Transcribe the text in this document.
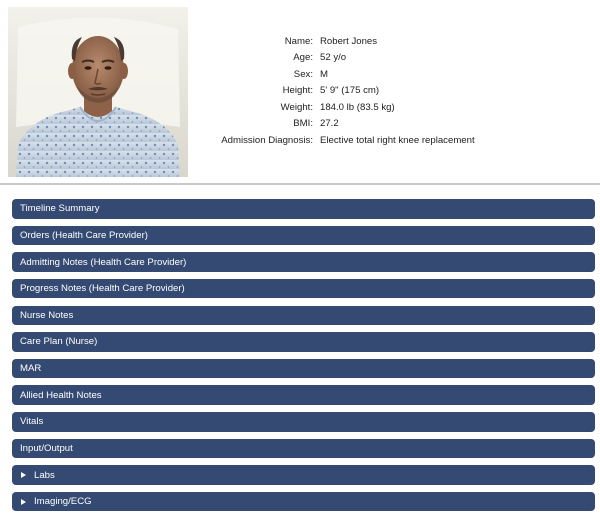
Name: Robert Jones
Age: 52 y/o
Sex: M
Height: 5' 9" (175 cm)
Weight: 184.0 lb (83.5 kg)
BMI: 27.2
Admission Diagnosis: Elective total right knee replacement
Timeline Summary
Orders (Health Care Provider)
Admitting Notes (Health Care Provider)
Progress Notes (Health Care Provider)
Nurse Notes
Care Plan (Nurse)
MAR
Allied Health Notes
Vitals
Input/Output
Labs
Imaging/ECG
